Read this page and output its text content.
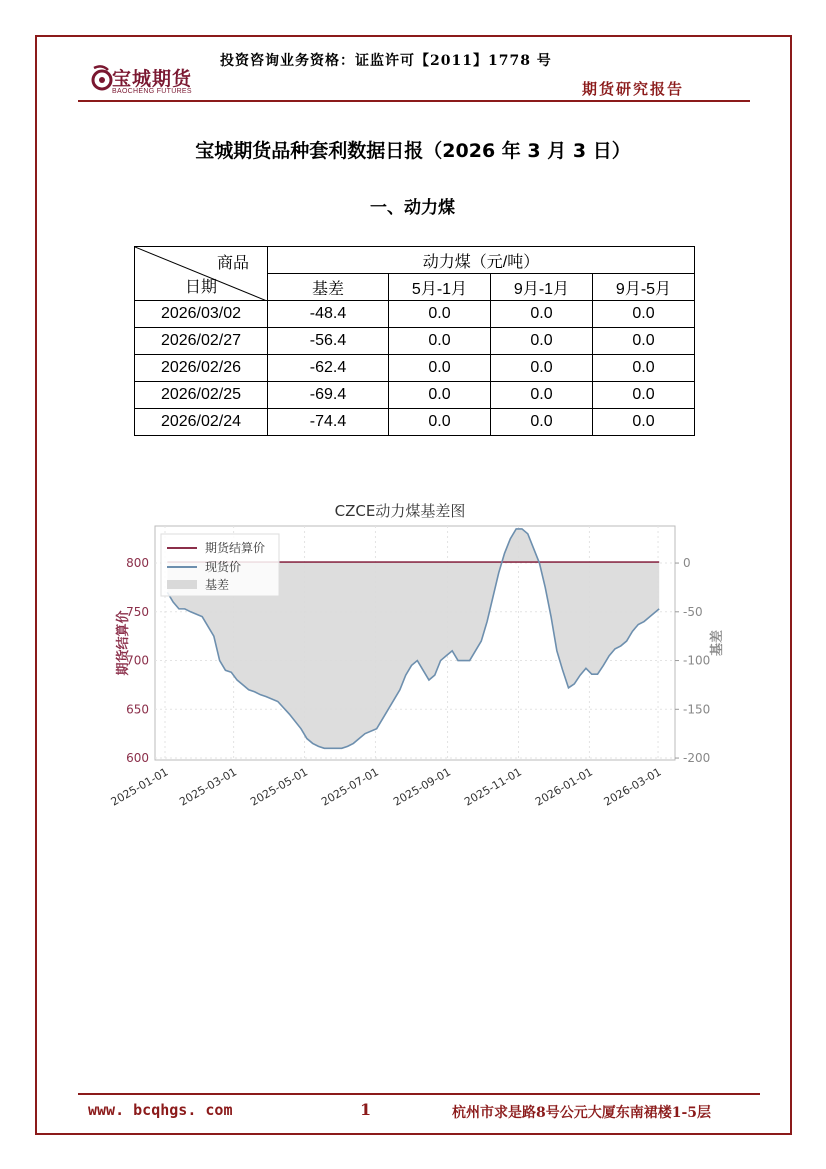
投资咨询业务资格：证监许可【2011】1778 号
宝城期货
BAOCHENG FUTURES	期货研究报告
宝城期货品种套利数据日报（2026 年 3 月 3 日）
一、动力煤
商品
日期	动力煤（元/吨）			
	基差	5月-1月	9月-1月	9月-5月
2026/03/02	-48.4	0.0	0.0	0.0
2026/02/27	-56.4	0.0	0.0	0.0
2026/02/26	-62.4	0.0	0.0	0.0
2026/02/25	-69.4	0.0	0.0	0.0
2026/02/24	-74.4	0.0	0.0	0.0
CZCE动力煤基差图
600
650
700
750
800	0
-50
-100
-150
-200
2025-01-01 2025-03-01 2025-05-01 2025-07-01 2025-09-01 2025-11-01 2026-01-01 2026-03-01
期货结算价	基差
期货结算价
现货价
基差
www. bcqhgs. com	1	杭州市求是路8号公元大厦东南裙楼1-5层
